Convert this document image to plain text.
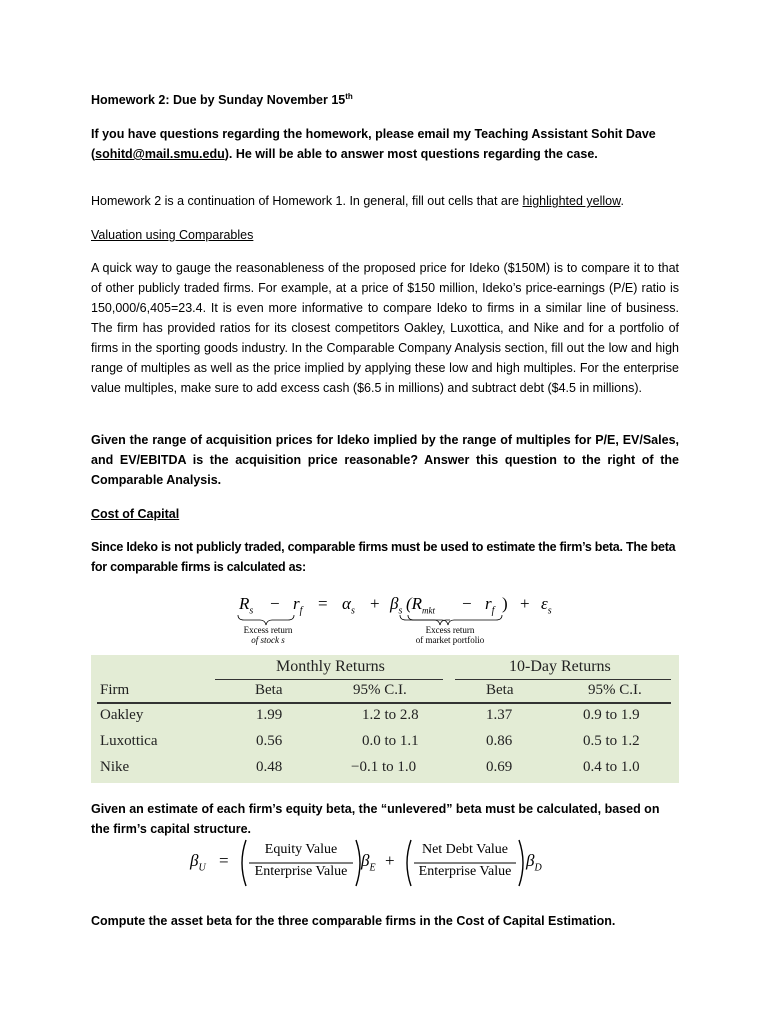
Homework 2: Due by Sunday November 15th

If you have questions regarding the homework, please email my Teaching Assistant Sohit Dave
(sohitd@mail.smu.edu). He will be able to answer most questions regarding the case.

Homework 2 is a continuation of Homework 1. In general, fill out cells that are highlighted yellow.

Valuation using Comparables

A quick way to gauge the reasonableness of the proposed price for Ideko ($150M) is to compare it to that of other publicly traded firms. For example, at a price of $150 million, Ideko’s price-earnings (P/E) ratio is 150,000/6,405=23.4. It is even more informative to compare Ideko to firms in a similar line of business. The firm has provided ratios for its closest competitors Oakley, Luxottica, and Nike and for a portfolio of firms in the sporting goods industry. In the Comparable Company Analysis section, fill out the low and high range of multiples as well as the price implied by applying these low and high multiples. For the enterprise value multiples, make sure to add excess cash ($6.5 in millions) and subtract debt ($4.5 in millions).

Given the range of acquisition prices for Ideko implied by the range of multiples for P/E, EV/Sales, and EV/EBITDA is the acquisition price reasonable? Answer this question to the right of the Comparable Analysis.

Cost of Capital

Since Ideko is not publicly traded, comparable firms must be used to estimate the firm’s beta. The beta for comparable firms is calculated as:

$R_s - r_f = \alpha_s + \beta_s$ ($R_{mkt} - r_f$ ) + $\varepsilon_s$
Excess return
of stock s
Excess return
of market portfolio
Monthly Returns	10-Day Returns
Firm	Beta	95% C.I.	Beta	95% C.I.
Oakley	1.99	1.2 to 2.8	1.37	0.9 to 1.9
Luxottica	0.56	0.0 to 1.1	0.86	0.5 to 1.2
Nike	0.48	−0.1 to 1.0	0.69	0.4 to 1.0

Given an estimate of each firm’s equity beta, the “unlevered” beta must be calculated, based on the firm’s capital structure.

$\beta_U$ =
Equity Value
Enterprise Value
$\beta_E$ +
Net Debt Value
Enterprise Value
$\beta_D$

Compute the asset beta for the three comparable firms in the Cost of Capital Estimation.
